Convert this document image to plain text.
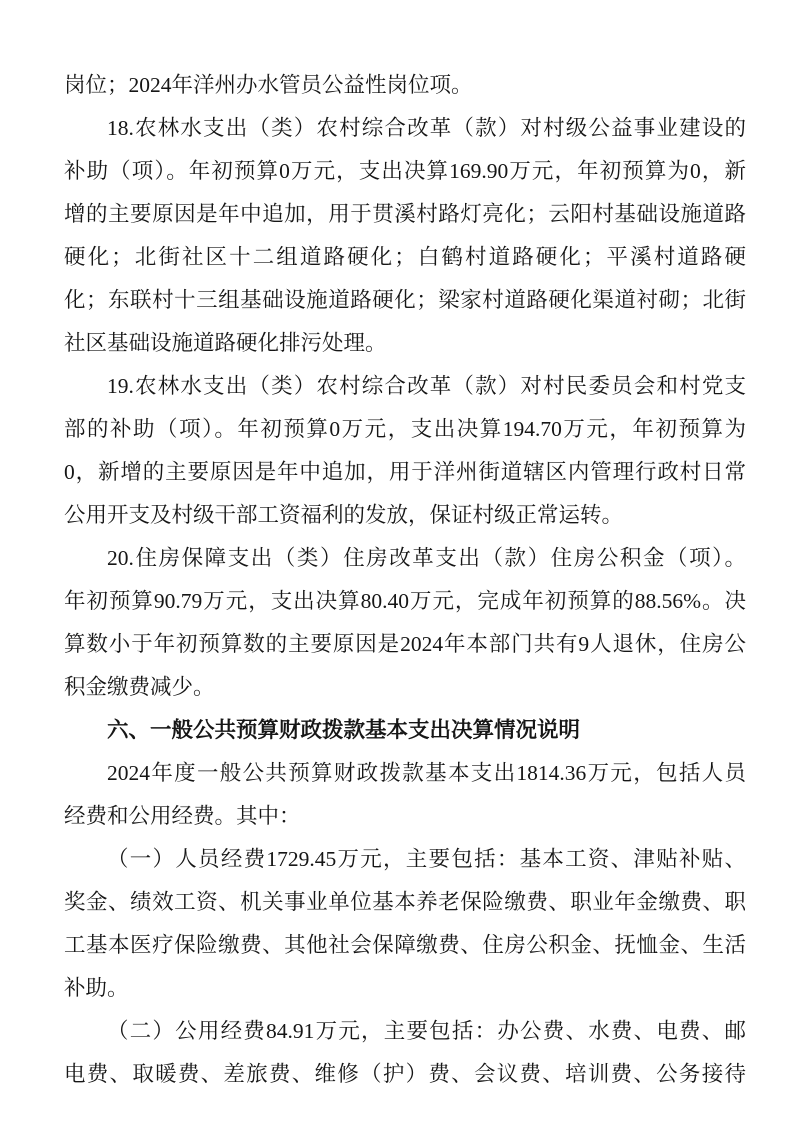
岗位；2024年洋州办水管员公益性岗位项。
18.农林水支出（类）农村综合改革（款）对村级公益事业建设的
补助（项）。年初预算0万元，支出决算169.90万元，年初预算为0，新
增的主要原因是年中追加，用于贯溪村路灯亮化；云阳村基础设施道路
硬化；北街社区十二组道路硬化；白鹤村道路硬化；平溪村道路硬
化；东联村十三组基础设施道路硬化；梁家村道路硬化渠道衬砌；北街
社区基础设施道路硬化排污处理。
19.农林水支出（类）农村综合改革（款）对村民委员会和村党支
部的补助（项）。年初预算0万元，支出决算194.70万元，年初预算为
0，新增的主要原因是年中追加，用于洋州街道辖区内管理行政村日常
公用开支及村级干部工资福利的发放，保证村级正常运转。
20.住房保障支出（类）住房改革支出（款）住房公积金（项）。
年初预算90.79万元，支出决算80.40万元，完成年初预算的88.56%。决
算数小于年初预算数的主要原因是2024年本部门共有9人退休，住房公
积金缴费减少。
六、一般公共预算财政拨款基本支出决算情况说明
2024年度一般公共预算财政拨款基本支出1814.36万元，包括人员
经费和公用经费。其中：
（一）人员经费1729.45万元，主要包括：基本工资、津贴补贴、
奖金、绩效工资、机关事业单位基本养老保险缴费、职业年金缴费、职
工基本医疗保险缴费、其他社会保障缴费、住房公积金、抚恤金、生活
补助。
（二）公用经费84.91万元，主要包括：办公费、水费、电费、邮
电费、取暖费、差旅费、维修（护）费、会议费、培训费、公务接待
